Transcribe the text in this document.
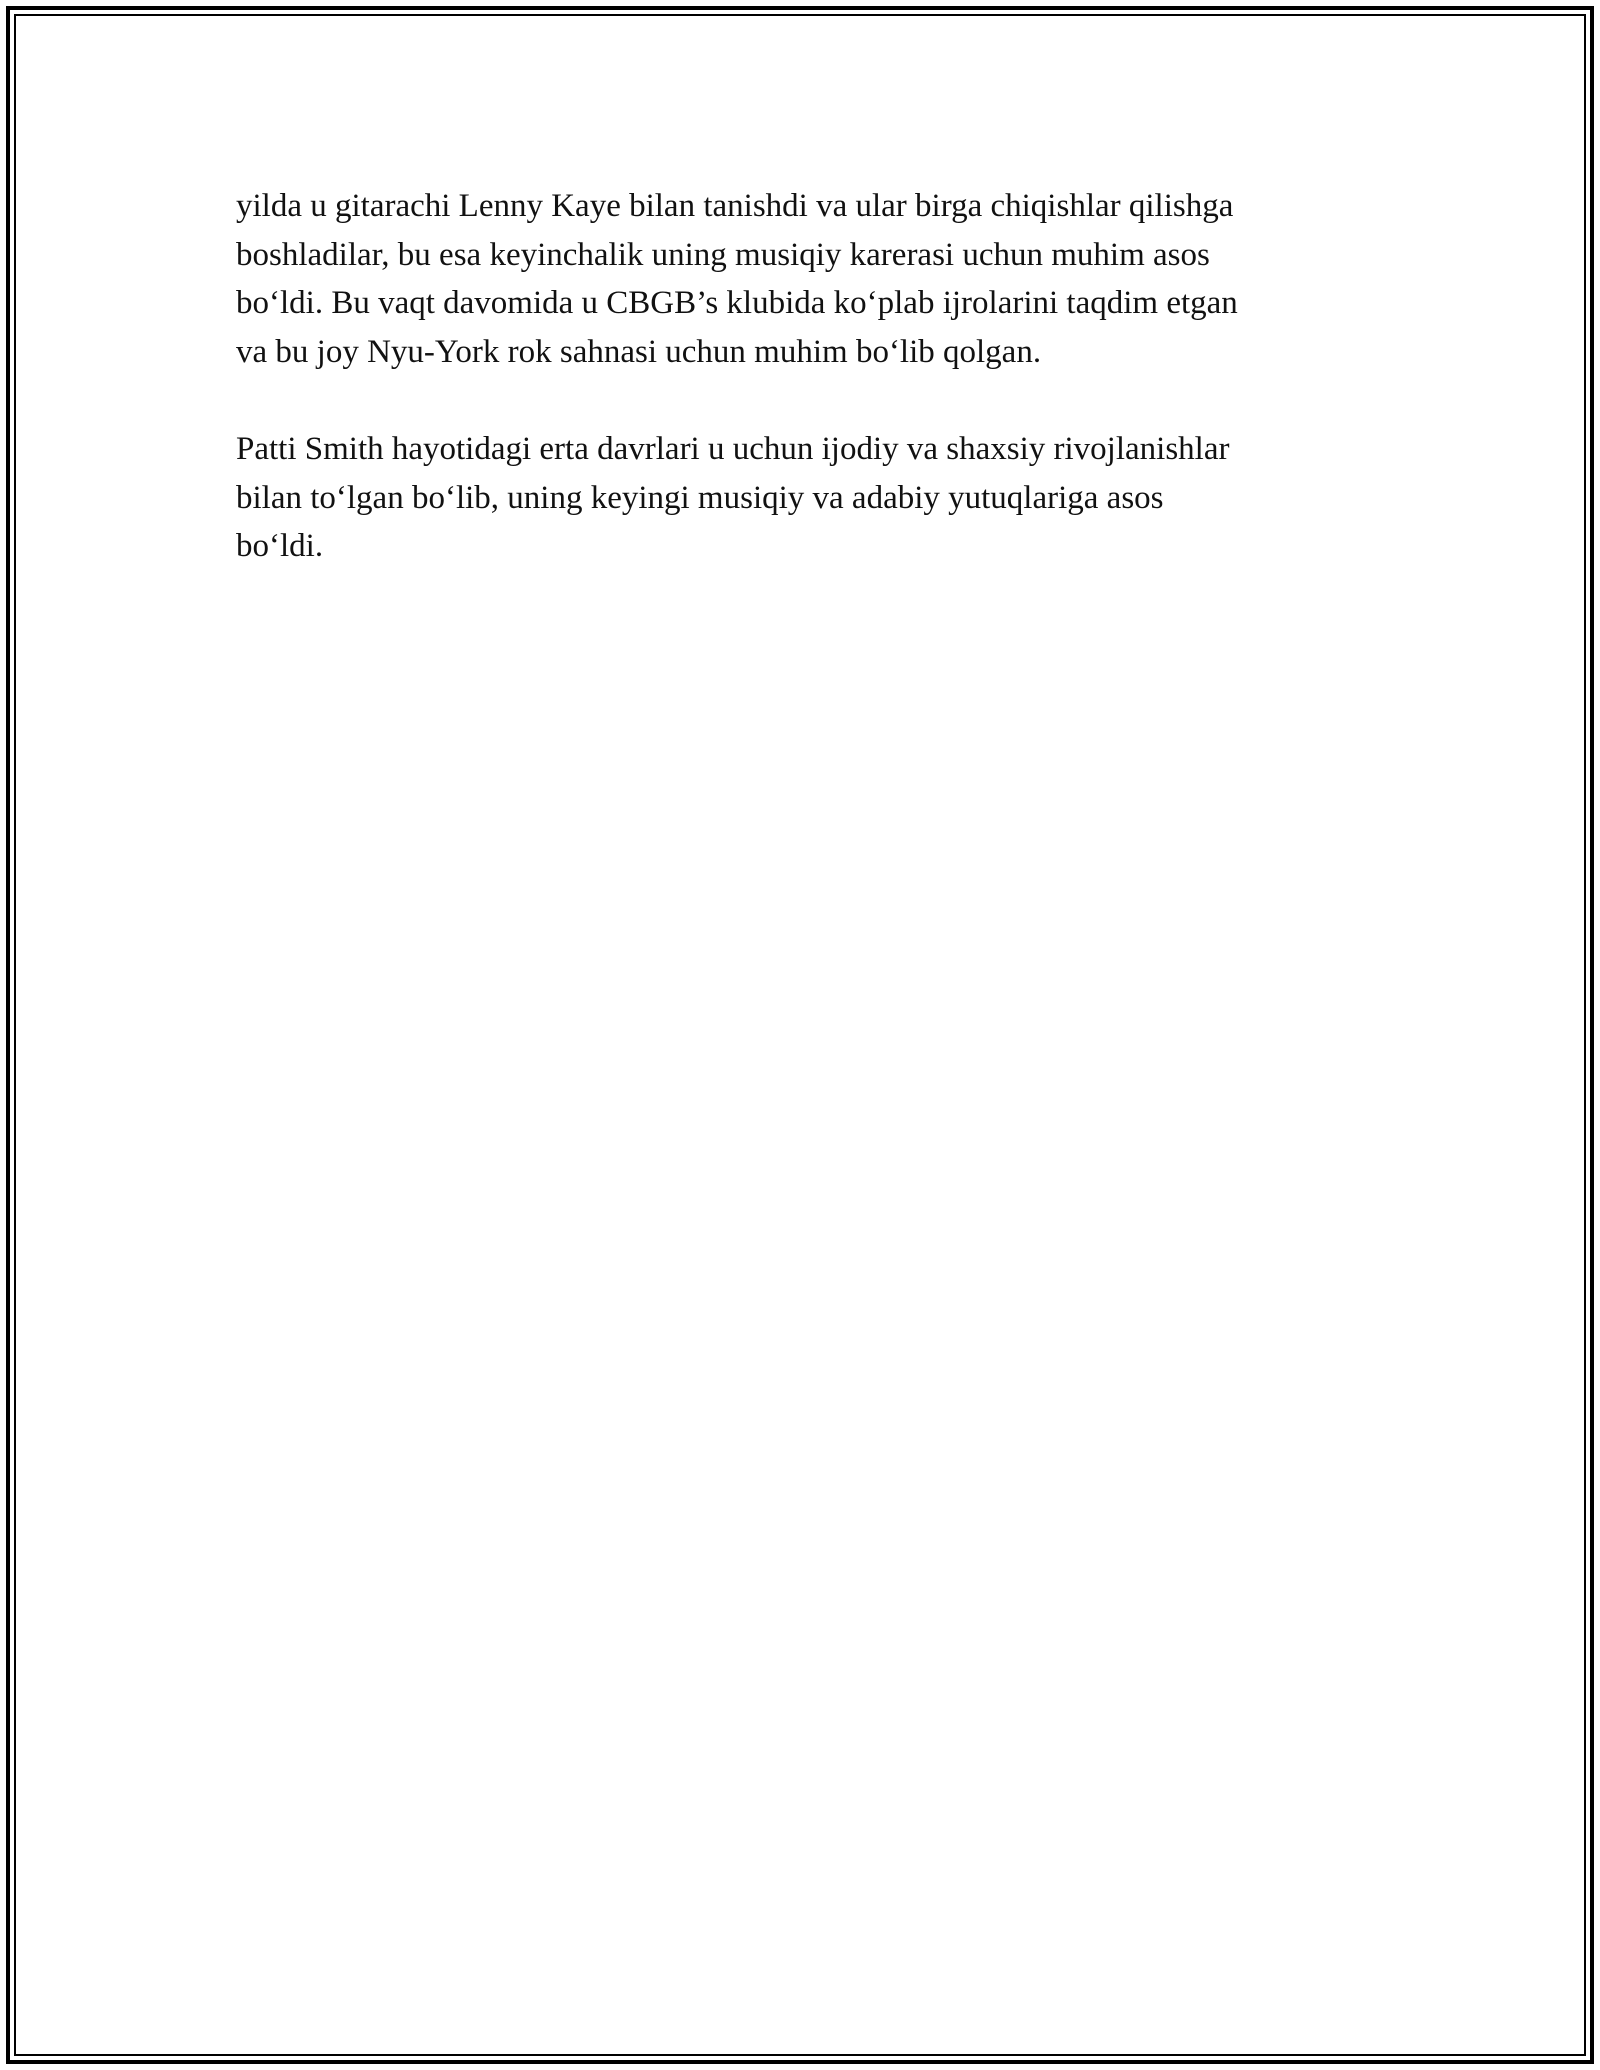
yilda u gitarachi Lenny Kaye bilan tanishdi va ular birga chiqishlar qilishga
boshladilar, bu esa keyinchalik uning musiqiy karerasi uchun muhim asos
bo‘ldi. Bu vaqt davomida u CBGB’s klubida ko‘plab ijrolarini taqdim etgan
va bu joy Nyu-York rok sahnasi uchun muhim bo‘lib qolgan.

Patti Smith hayotidagi erta davrlari u uchun ijodiy va shaxsiy rivojlanishlar
bilan to‘lgan bo‘lib, uning keyingi musiqiy va adabiy yutuqlariga asos
bo‘ldi.
